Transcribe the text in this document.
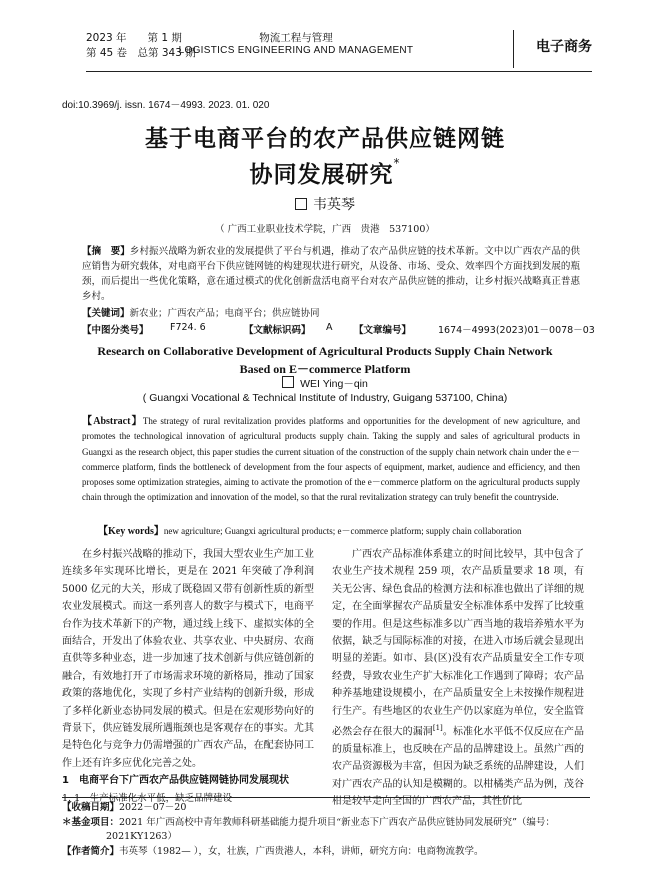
2023 年　　第 1 期
第 45 卷　总第 343 期
物流工程与管理
LOGISTICS ENGINEERING AND MANAGEMENT	电子商务
doi:10.3969/j. issn. 1674－4993. 2023. 01. 020
基于电商平台的农产品供应链网链
协同发展研究*
韦英琴
（ 广西工业职业技术学院，广西　贵港　537100）
【摘　要】乡村振兴战略为新农业的发展提供了平台与机遇，推动了农产品供应链的技术革新。文中以广西农产品的供应销售为研究载体，对电商平台下供应链网链的构建现状进行研究，从设备、市场、受众、效率四个方面找到发展的瓶颈，而后提出一些优化策略，意在通过模式的优化创新盘活电商平台对农产品供应链的推动，让乡村振兴战略真正普惠乡村。
【关键词】新农业；广西农产品；电商平台；供应链协同
【中图分类号】 F724. 6	【文献标识码】 A 【文章编号】	1674－4993(2023)01－0078－03
Research on Collaborative Development of Agricultural Products Supply Chain Network
Based on E－commerce Platform
WEI Ying－qin
( Guangxi Vocational & Technical Institute of Industry, Guigang 537100, China)
【Abstract】The strategy of rural revitalization provides platforms and opportunities for the development of new agriculture, and promotes the technological innovation of agricultural products supply chain. Taking the supply and sales of agricultural products in Guangxi as the research object, this paper studies the current situation of the construction of the supply chain network chain under the e－commerce platform, finds the bottleneck of development from the four aspects of equipment, market, audience and efficiency, and then proposes some optimization strategies, aiming to activate the promotion of the e－commerce platform on the agricultural products supply chain through the optimization and innovation of the model, so that the rural revitalization strategy can truly benefit the countryside.
【Key words】new agriculture; Guangxi agricultural products; e－commerce platform; supply chain collaboration

在乡村振兴战略的推动下，我国大型农业生产加工业连续多年实现环比增长，更是在 2021 年突破了净利润 5000 亿元的大关，形成了既稳固又带有创新性质的新型农业发展模式。而这一系列喜人的数字与模式下，电商平台作为技术革新下的产物，通过线上线下、虚拟实体的全面结合，开发出了体验农业、共享农业、中央厨房、农商直供等多种业态，进一步加速了技术创新与供应链创新的融合，有效地打开了市场需求环境的新格局，推动了国家政策的落地优化，实现了乡村产业结构的创新升级，形成了多样化新业态协同发展的模式。但是在宏观形势向好的背景下，供应链发展所遇瓶颈也是客观存在的事实。尤其是特色化与竞争力仍需增强的广西农产品，在配套协同工作上还有许多应优化完善之处。

1　电商平台下广西农产品供应链网链协同发展现状

1. 1　生产标准化水平低，缺乏品牌建设

广西农产品标准体系建立的时间比较早，其中包含了农业生产技术规程 259 项，农产品质量要求 18 项，有关无公害、绿色食品的检测方法和标准也做出了详细的规定，在全面掌握农产品质量安全标准体系中发挥了比较重要的作用。但是这些标准多以广西当地的栽培养殖水平为依据，缺乏与国际标准的对接，在进入市场后就会显现出明显的差距。如市、县(区)没有农产品质量安全工作专项经费，导致农业生产扩大标准化工作遇到了障碍；农产品种养基地建设规模小，在产品质量安全上未按操作规程进行生产。有些地区的农业生产仍以家庭为单位，安全监管必然会存在很大的漏洞[1]。标准化水平低不仅反应在产品的质量标准上，也反映在产品的品牌建设上。虽然广西的农产品资源极为丰富，但因为缺乏系统的品牌建设，人们对广西农产品的认知是模糊的。以柑橘类产品为例，茂谷柑是较早走向全国的广西农产品，其性价比

【收稿日期】2022－07－20
＊基金项目：2021 年广西高校中青年教师科研基础能力提升项目“新业态下广西农产品供应链协同发展研究”（编号：
2021KY1263）
【作者简介】韦英琴（1982— ），女，壮族，广西贵港人，本科，讲师，研究方向：电商物流教学。
